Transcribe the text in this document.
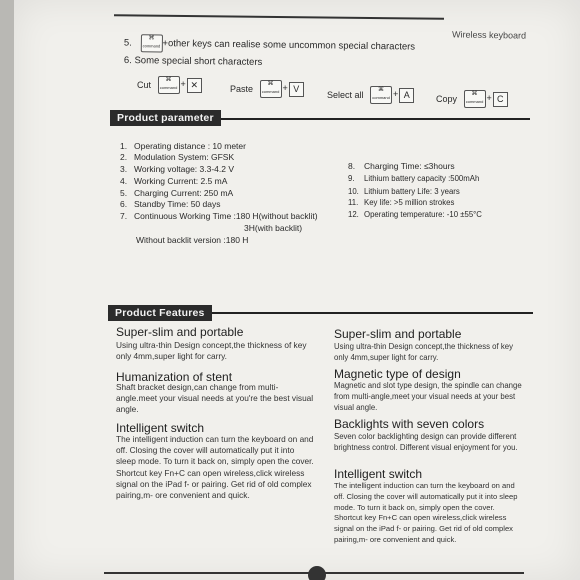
Wireless keyboard
5.	⌘
command +other keys can realise some uncommon special characters
6. Some special short characters
Cut	⌘
command + ✕	Paste	⌘
command + V
Select all	⌘
command + A	Copy	⌘
command + C
Product parameter
1. Operating distance : 10 meter
2. Modulation System: GFSK
3. Working voltage: 3.3-4.2 V
4. Working Current: 2.5 mA
5. Charging Current: 250 mA
6. Standby Time: 50 days
7. Continuous Working Time :180 H(without backlit)
3H(with backlit)
Without backlit version :180 H
8. Charging Time: ≤3hours
9. Lithium battery capacity :500mAh
10. Lithium battery Life: 3 years
11. Key life: >5 million strokes
12. Operating temperature: -10 ±55°C
Product Features
Super-slim and portable
Using ultra-thin Design concept,the thickness of key only 4mm,super light for carry.
Humanization of stent
Shaft bracket design,can change from multi-angle.meet your visual needs at you're the best visual angle.
Intelligent switch
The intelligent induction can turn the keyboard on and off. Closing the cover will automatically put it into sleep mode. To turn it back on, simply open the cover. Shortcut key Fn+C can open wireless,click wireless signal on the iPad f- or pairing. Get rid of old complex pairing,m- ore convenient and quick.
Super-slim and portable
Using ultra-thin Design concept,the thickness of key only 4mm,super light for carry.
Magnetic type of design
Magnetic and slot type design, the spindle can change from multi-angle,meet your visual needs at your best visual angle.
Backlights with seven colors
Seven color backlighting design can provide different brightness control. Different visual enjoyment for you.
Intelligent switch
The intelligent induction can turn the keyboard on and off. Closing the cover will automatically put it into sleep mode. To turn it back on, simply open the cover. Shortcut key Fn+C can open wireless,click wireless signal on the iPad f- or pairing. Get rid of old complex pairing,m- ore convenient and quick.
